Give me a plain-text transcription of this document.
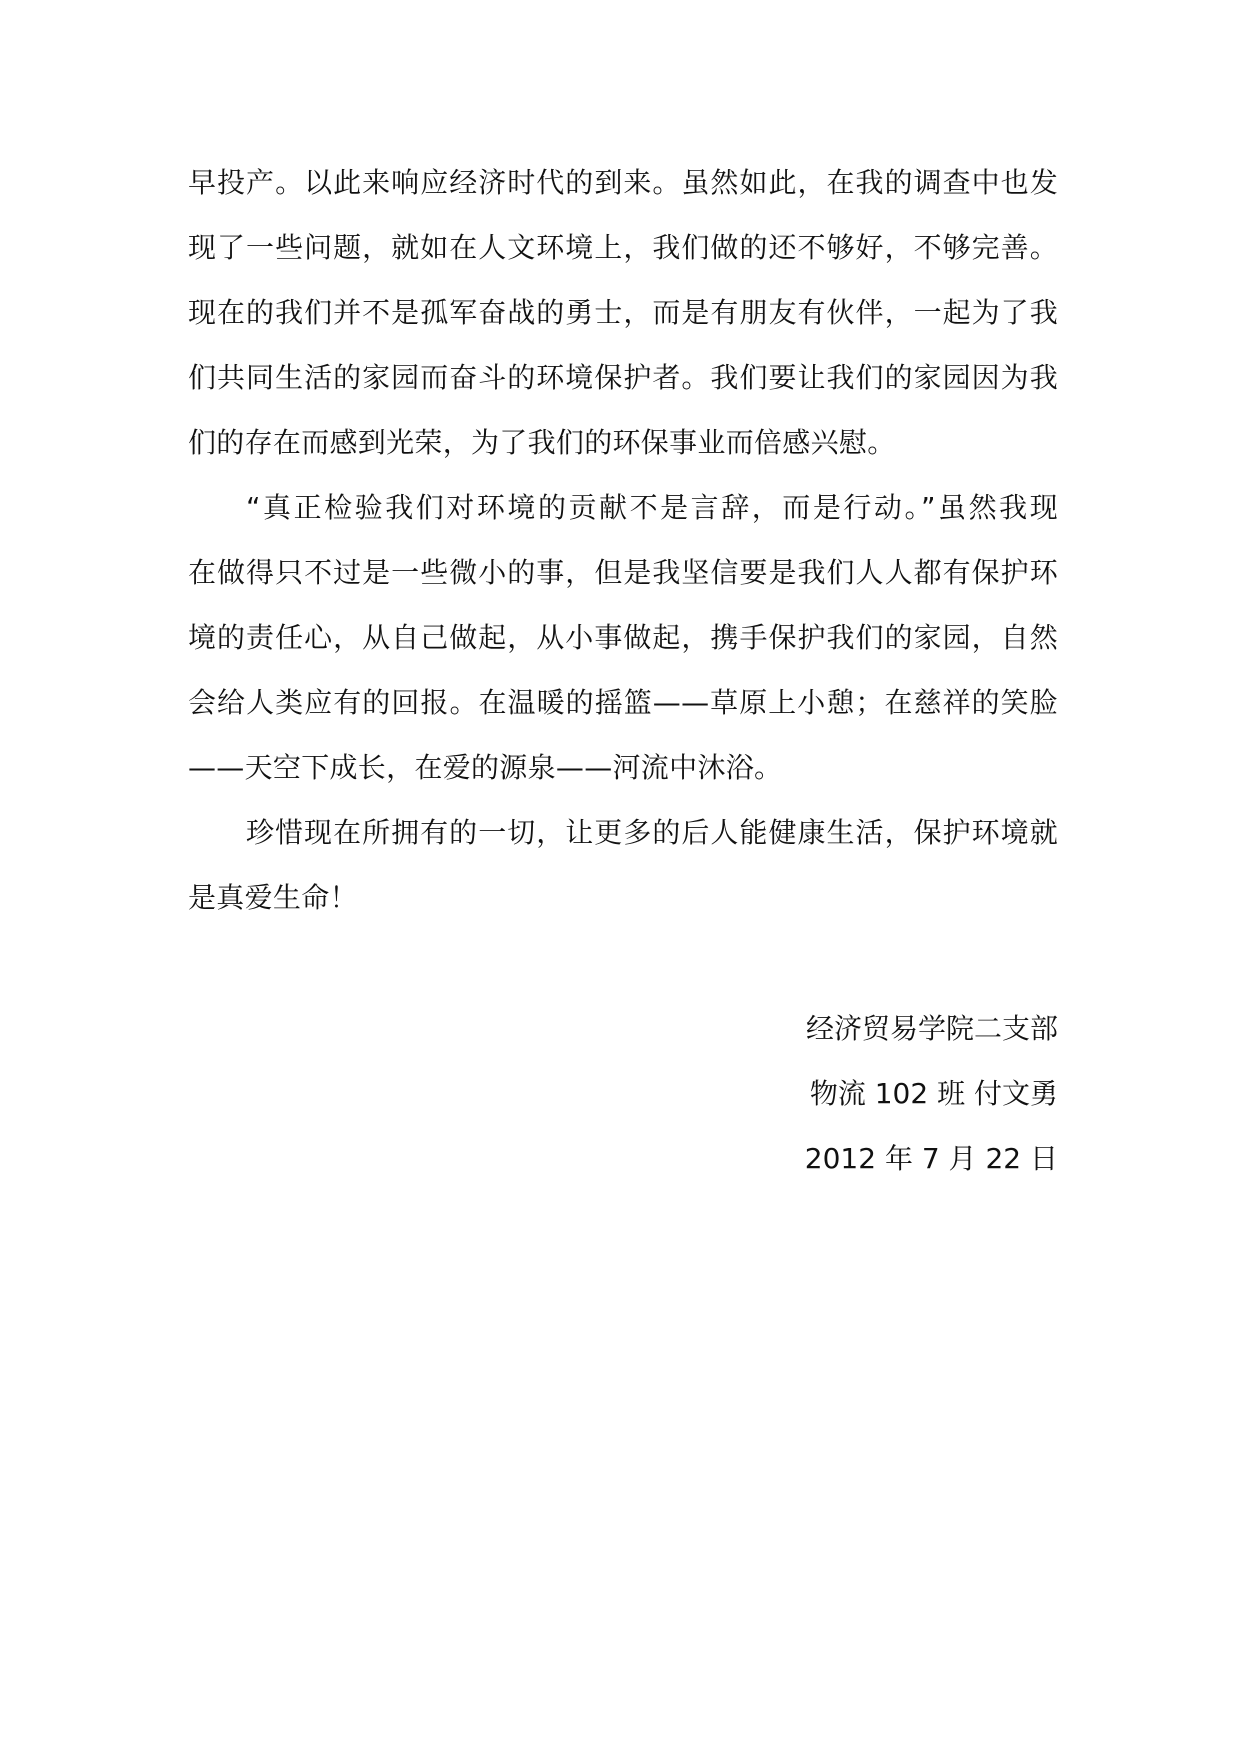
早投产。以此来响应经济时代的到来。虽然如此，在我的调查中也发
现了一些问题，就如在人文环境上，我们做的还不够好，不够完善。
现在的我们并不是孤军奋战的勇士，而是有朋友有伙伴，一起为了我
们共同生活的家园而奋斗的环境保护者。我们要让我们的家园因为我
们的存在而感到光荣，为了我们的环保事业而倍感兴慰。
“真正检验我们对环境的贡献不是言辞，而是行动。”虽然我现
在做得只不过是一些微小的事，但是我坚信要是我们人人都有保护环
境的责任心，从自己做起，从小事做起，携手保护我们的家园，自然
会给人类应有的回报。在温暖的摇篮——草原上小憩；在慈祥的笑脸
——天空下成长，在爱的源泉——河流中沐浴。
珍惜现在所拥有的一切，让更多的后人能健康生活，保护环境就
是真爱生命！
经济贸易学院二支部
物流 102 班 付文勇
2012 年 7 月 22 日
